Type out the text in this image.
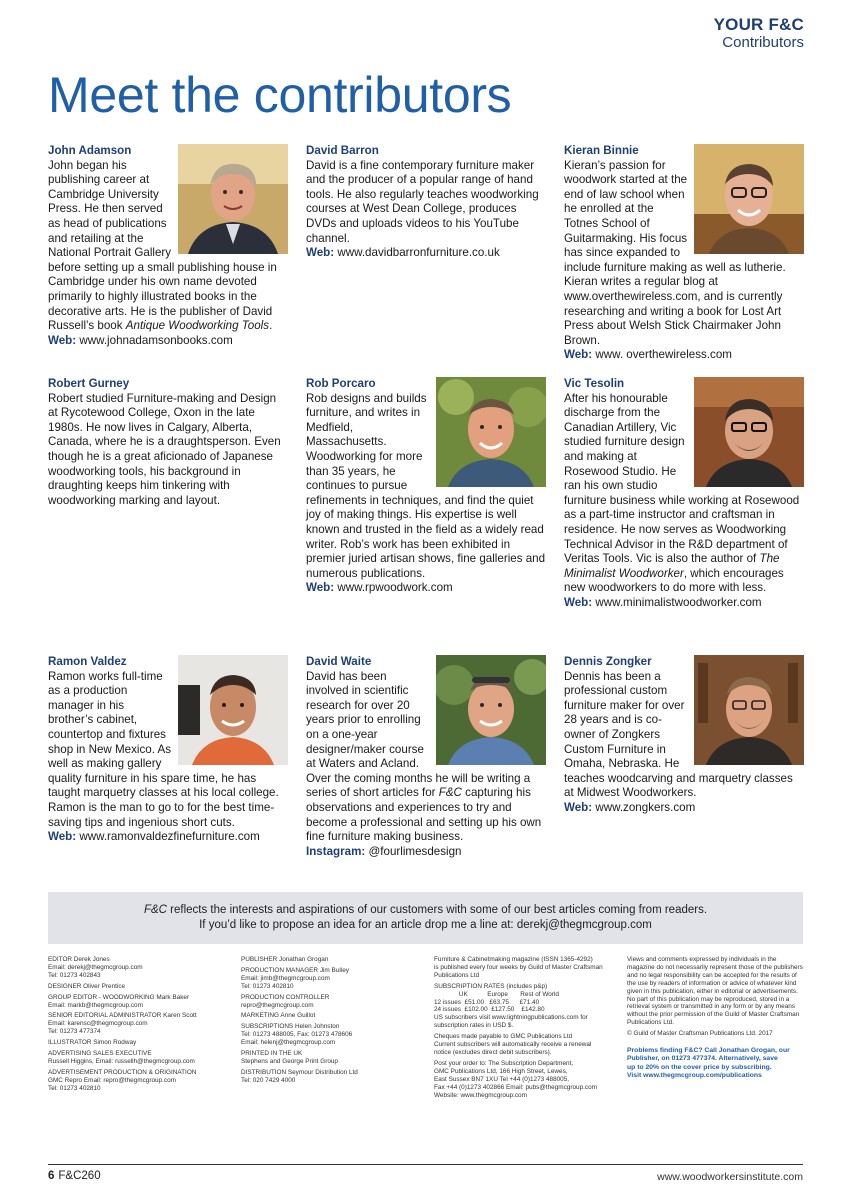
YOUR F&C
Contributors
Meet the contributors

John Adamson
John began his publishing career at Cambridge University Press. He then served as head of publications and retailing at the National Portrait Gallery before setting up a small publishing house in Cambridge under his own name devoted primarily to highly illustrated books in the decorative arts. He is the publisher of David Russell’s book Antique Woodworking Tools.
Web: www.johnadamsonbooks.com

David Barron
David is a fine contemporary furniture maker and the producer of a popular range of hand tools. He also regularly teaches woodworking courses at West Dean College, produces DVDs and uploads videos to his YouTube channel.
Web: www.davidbarronfurniture.co.uk

Kieran Binnie
Kieran’s passion for woodwork started at the end of law school when he enrolled at the Totnes School of Guitarmaking. His focus has since expanded to include furniture making as well as lutherie. Kieran writes a regular blog at www.overthewireless.com, and is currently researching and writing a book for Lost Art Press about Welsh Stick Chairmaker John Brown.
Web: www. overthewireless.com

Robert Gurney
Robert studied Furniture-making and Design at Rycotewood College, Oxon in the late 1980s. He now lives in Calgary, Alberta, Canada, where he is a draughtsperson. Even though he is a great aficionado of Japanese woodworking tools, his background in draughting keeps him tinkering with woodworking marking and layout.

Rob Porcaro
Rob designs and builds furniture, and writes in Medfield, Massachusetts. Woodworking for more than 35 years, he continues to pursue refinements in techniques, and find the quiet joy of making things. His expertise is well known and trusted in the field as a widely read writer. Rob’s work has been exhibited in premier juried artisan shows, fine galleries and numerous publications.
Web: www.rpwoodwork.com

Vic Tesolin
After his honourable discharge from the Canadian Artillery, Vic studied furniture design and making at Rosewood Studio. He ran his own studio furniture business while working at Rosewood as a part-time instructor and craftsman in residence. He now serves as Woodworking Technical Advisor in the R&D department of Veritas Tools. Vic is also the author of The Minimalist Woodworker, which encourages new woodworkers to do more with less.
Web: www.minimalistwoodworker.com

Ramon Valdez
Ramon works full-time as a production manager in his brother’s cabinet, countertop and fixtures shop in New Mexico. As well as making gallery quality furniture in his spare time, he has taught marquetry classes at his local college. Ramon is the man to go to for the best time-saving tips and ingenious short cuts.
Web: www.ramonvaldezfinefurniture.com

David Waite
David has been involved in scientific research for over 20 years prior to enrolling on a one-year designer/maker course at Waters and Acland. Over the coming months he will be writing a series of short articles for F&C capturing his observations and experiences to try and become a professional and setting up his own fine furniture making business.
Instagram: @fourlimesdesign

Dennis Zongker
Dennis has been a professional custom furniture maker for over 28 years and is co-owner of Zongkers Custom Furniture in Omaha, Nebraska. He teaches woodcarving and marquetry classes at Midwest Woodworkers.
Web: www.zongkers.com

F&C reflects the interests and aspirations of our customers with some of our best articles coming from readers.
If you’d like to propose an idea for an article drop me a line at: derekj@thegmcgroup.com

EDITOR Derek Jones
Email: derekj@thegmcgroup.com
Tel: 01273 402843

DESIGNER Oliver Prentice

GROUP EDITOR - WOODWORKING Mark Baker
Email: markb@thegmcgroup.com

SENIOR EDITORIAL ADMINISTRATOR Karen Scott
Email: karensc@thegmcgroup.com
Tel: 01273 477374

ILLUSTRATOR Simon Rodway

ADVERTISING SALES EXECUTIVE
Russell Higgins, Email: russellh@thegmcgroup.com

ADVERTISEMENT PRODUCTION & ORIGINATION
GMC Repro Email: repro@thegmcgroup.com
Tel: 01273 402810

PUBLISHER Jonathan Grogan

PRODUCTION MANAGER Jim Bulley
Email: jimb@thegmcgroup.com
Tel: 01273 402810

PRODUCTION CONTROLLER
repro@thegmcgroup.com

MARKETING Anne Guillot

SUBSCRIPTIONS Helen Johnston
Tel: 01273 488005, Fax: 01273 478606
Email: helenj@thegmcgroup.com

PRINTED IN THE UK
Stephens and George Print Group

DISTRIBUTION Seymour Distribution Ltd
Tel: 020 7429 4000

Furniture & Cabinetmaking magazine (ISSN 1365-4292)
is published every four weeks by Guild of Master Craftsman
Publications Ltd

SUBSCRIPTION RATES (includes p&p)
UK           Europe       Rest of World
12 issues  £51.00   £63.75      £71.40
24 issues  £102.00  £127.50    £142.80
US subscribers visit www.lightningpublications.com for
subscription rates in USD $.

Cheques made payable to GMC Publications Ltd
Current subscribers will automatically receive a renewal
notice (excludes direct debit subscribers).

Post your order to: The Subscription Department,
GMC Publications Ltd, 166 High Street, Lewes,
East Sussex BN7 1XU Tel +44 (0)1273 488005,
Fax +44 (0)1273 402866 Email: pubs@thegmcgroup.com
Website: www.thegmcgroup.com

Views and comments expressed by individuals in the
magazine do not necessarily represent those of the publishers
and no legal responsibility can be accepted for the results of
the use by readers of information or advice of whatever kind
given in this publication, either in editorial or advertisements.
No part of this publication may be reproduced, stored in a
retrieval system or transmitted in any form or by any means
without the prior permission of the Guild of Master Craftsman
Publications Ltd.

© Guild of Master Craftsman Publications Ltd. 2017

Problems finding F&C? Call Jonathan Grogan, our
Publisher, on 01273 477374. Alternatively, save
up to 20% on the cover price by subscribing.
Visit www.thegmcgroup.com/publications

6 F&C260	www.woodworkersinstitute.com
